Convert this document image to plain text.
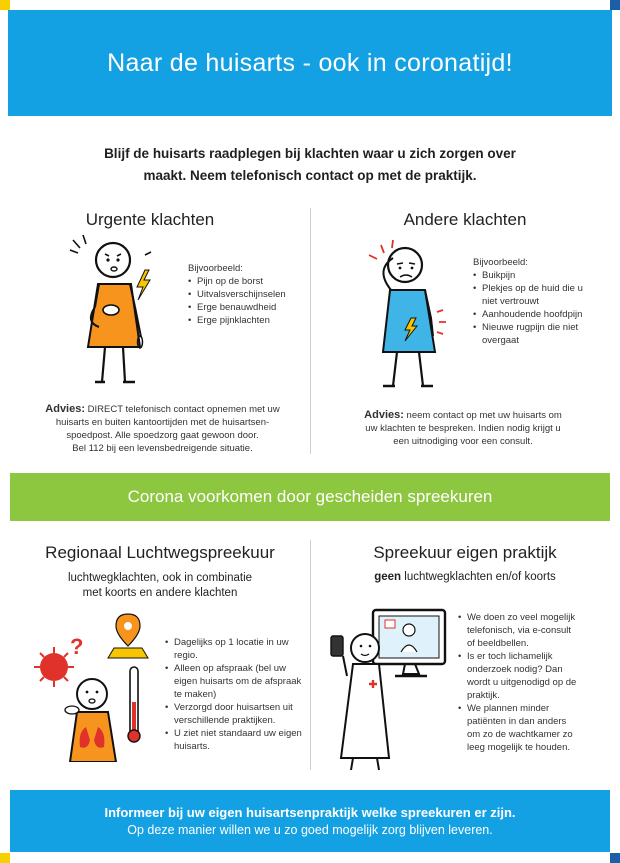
Naar de huisarts - ook in coronatijd!
Blijf de huisarts raadplegen bij klachten waar u zich zorgen over
maakt. Neem telefonisch contact op met de praktijk.
Urgente klachten
Bijvoorbeeld:
• Pijn op de borst
• Uitvalsverschijnselen
• Erge benauwdheid
• Erge pijnklachten
Advies: DIRECT telefonisch contact opnemen met uw
huisarts en buiten kantoortijden met de huisartsen-
spoedpost. Alle spoedzorg gaat gewoon door.
Bel 112 bij een levensbedreigende situatie.
Andere klachten
Bijvoorbeeld:
• Buikpijn
• Plekjes op de huid die u niet vertrouwt
• Aanhoudende hoofdpijn
• Nieuwe rugpijn die niet overgaat
Advies: neem contact op met uw huisarts om
uw klachten te bespreken. Indien nodig krijgt u
een uitnodiging voor een consult.
Corona voorkomen door gescheiden spreekuren
Regionaal Luchtwegspreekuur
luchtwegklachten, ook in combinatie
met koorts en andere klachten
?
•	Dagelijks op 1 locatie in uw regio.
• Alleen op afspraak (bel uw eigen huisarts om de afspraak te maken)
• Verzorgd door huisartsen uit verschillende praktijken.
• U ziet niet standaard uw eigen huisarts.
Spreekuur eigen praktijk
geen luchtwegklachten en/of koorts
• We doen zo veel mogelijk telefonisch, via e-consult of beeldbellen.
• Is er toch lichamelijk onderzoek nodig? Dan wordt u uitgenodigd op de praktijk.
• We plannen minder patiënten in dan anders om zo de wachtkamer zo leeg mogelijk te houden.
Informeer bij uw eigen huisartsenpraktijk welke spreekuren er zijn.
Op deze manier willen we u zo goed mogelijk zorg blijven leveren.
